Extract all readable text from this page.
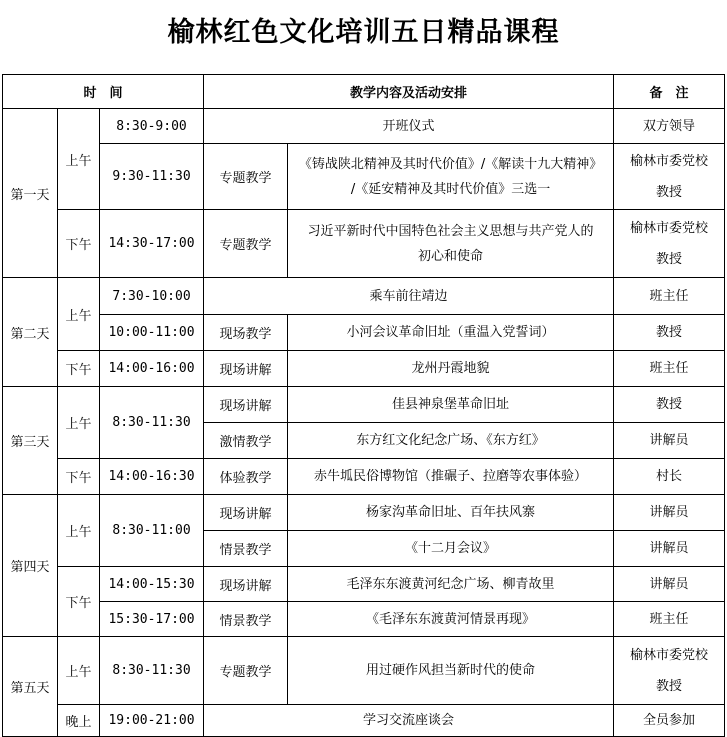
榆林红色文化培训五日精品课程
时　间			教学内容及活动安排		备　注
第一天	上午	8:30-9:00	开班仪式		双方领导

		9:30-11:30	专题教学	《铸战陕北精神及其时代价值》/《解读十九大精神》
/《延安精神及其时代价值》三选一	榆林市委党校
教授

	下午	14:30-17:00	专题教学	习近平新时代中国特色社会主义思想与共产党人的
初心和使命	榆林市委党校
教授

第二天	上午	7:30-10:00	乘车前往靖边		班主任

		10:00-11:00	现场教学	小河会议革命旧址（重温入党誓词）	教授

	下午	14:00-16:00	现场讲解	龙州丹霞地貌	班主任

第三天	上午	8:30-11:30	现场讲解	佳县神泉堡革命旧址	教授

			激情教学	东方红文化纪念广场、《东方红》	讲解员

	下午	14:00-16:30	体验教学	赤牛坬民俗博物馆（推碾子、拉磨等农事体验）	村长

第四天	上午	8:30-11:00	现场讲解	杨家沟革命旧址、百年扶风寨	讲解员

			情景教学	《十二月会议》	讲解员

	下午	14:00-15:30	现场讲解	毛泽东东渡黄河纪念广场、柳青故里	讲解员

		15:30-17:00	情景教学	《毛泽东东渡黄河情景再现》	班主任

第五天	上午	8:30-11:30	专题教学	用过硬作风担当新时代的使命	榆林市委党校
教授

	晚上	19:00-21:00	学习交流座谈会		全员参加
